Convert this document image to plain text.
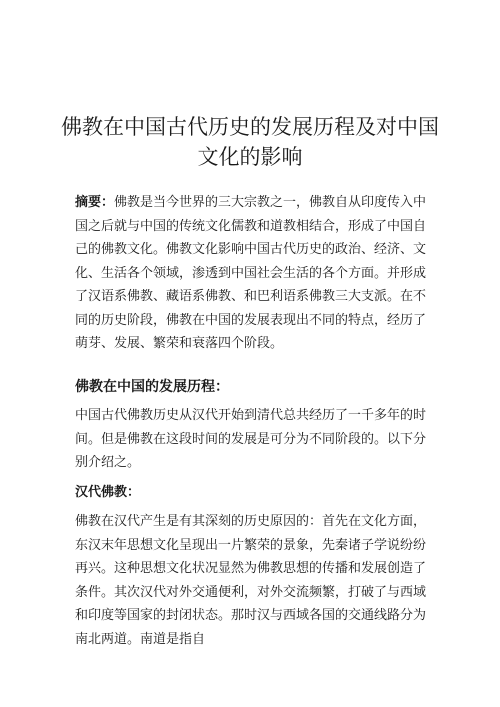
佛教在中国古代历史的发展历程及对中国
文化的影响

摘要：佛教是当今世界的三大宗教之一，佛教自从印度传入中国之后就与中国的传统文化儒教和道教相结合，形成了中国自己的佛教文化。佛教文化影响中国古代历史的政治、经济、文化、生活各个领域，渗透到中国社会生活的各个方面。并形成了汉语系佛教、藏语系佛教、和巴利语系佛教三大支派。在不同的历史阶段，佛教在中国的发展表现出不同的特点，经历了萌芽、发展、繁荣和衰落四个阶段。

佛教在中国的发展历程：

中国古代佛教历史从汉代开始到清代总共经历了一千多年的时间。但是佛教在这段时间的发展是可分为不同阶段的。以下分别介绍之。

汉代佛教：

佛教在汉代产生是有其深刻的历史原因的：首先在文化方面，东汉末年思想文化呈现出一片繁荣的景象，先秦诸子学说纷纷再兴。这种思想文化状况显然为佛教思想的传播和发展创造了条件。其次汉代对外交通便利，对外交流频繁，打破了与西域和印度等国家的封闭状态。那时汉与西域各国的交通线路分为南北两道。南道是指自
